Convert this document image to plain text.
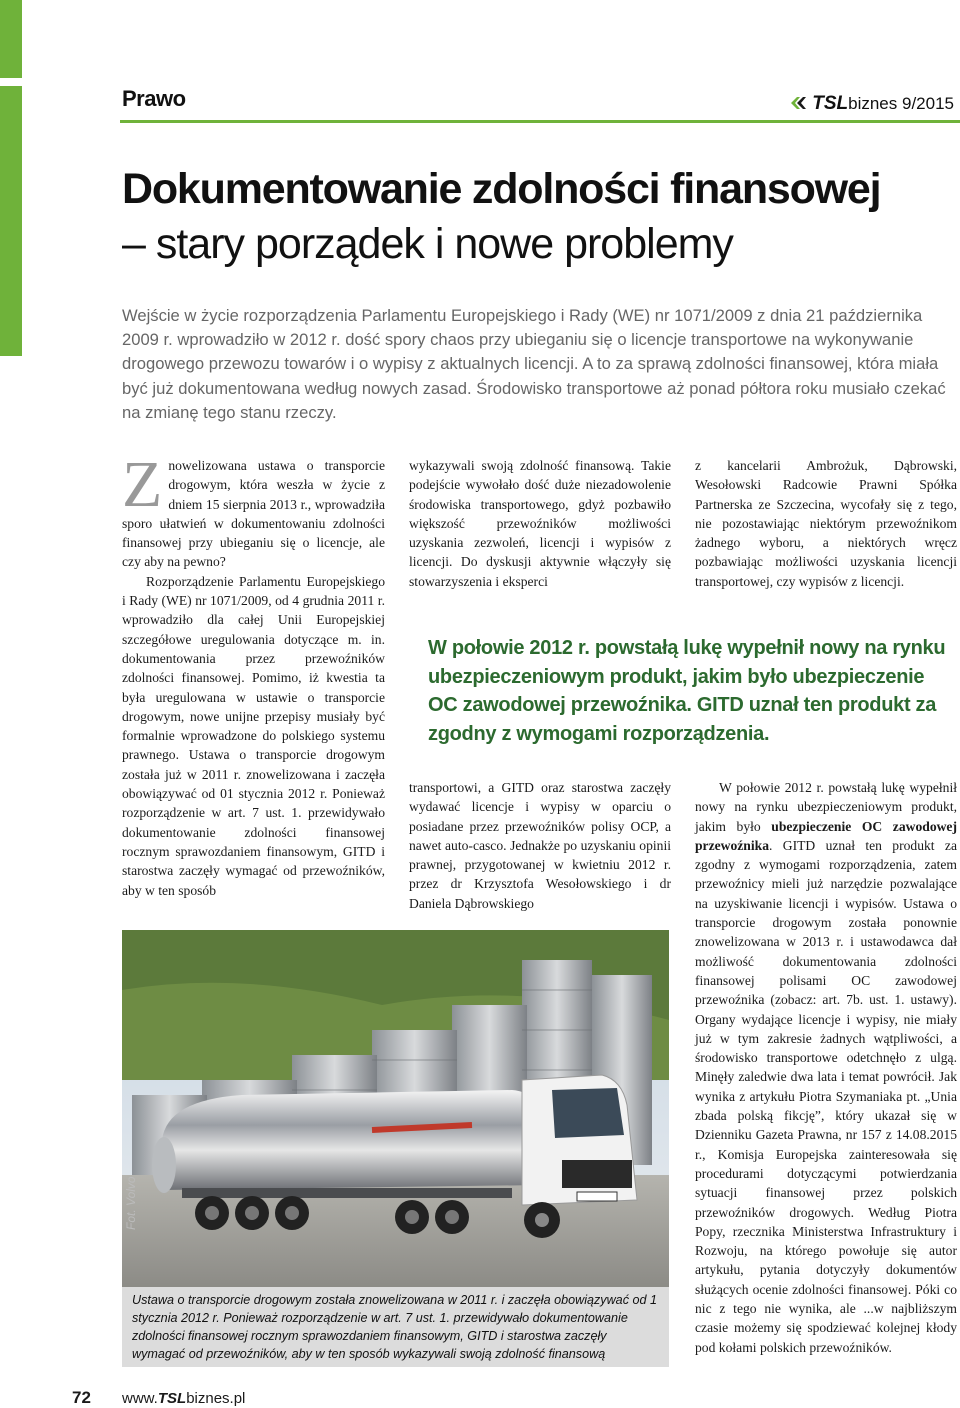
Prawo	TSLbiznes 9/2015
Dokumentowanie zdolności finansowej
– stary porządek i nowe problemy
Wejście w życie rozporządzenia Parlamentu Europejskiego i Rady (WE) nr 1071/2009 z dnia 21 października 2009 r. wprowadziło w 2012 r. dość spory chaos przy ubieganiu się o licencje transportowe na wykonywanie drogowego przewozu towarów i o wypisy z aktualnych licencji. A to za sprawą zdolności finansowej, która miała być już dokumentowana według nowych zasad. Środowisko transportowe aż ponad półtora roku musiało czekać na zmianę tego stanu rzeczy.
Z nowelizowana ustawa o transporcie drogowym, która weszła w życie z dniem 15 sierpnia 2013 r., wprowadziła sporo ułatwień w dokumentowaniu zdolności finansowej przy ubieganiu się o licencje, ale czy aby na pewno?

Rozporządzenie Parlamentu Europejskiego i Rady (WE) nr 1071/2009, od 4 grudnia 2011 r. wprowadziło dla całej Unii Europejskiej szczegółowe uregulowania dotyczące m. in. dokumentowania przez przewoźników zdolności finansowej. Pomimo, iż kwestia ta była uregulowana w ustawie o transporcie drogowym, nowe unijne przepisy musiały być formalnie wprowadzone do polskiego systemu prawnego. Ustawa o transporcie drogowym została już w 2011 r. znowelizowana i zaczęła obowiązywać od 01 stycznia 2012 r. Ponieważ rozporządzenie w art. 7 ust. 1. przewidywało dokumentowanie zdolności finansowej rocznym sprawozdaniem finansowym, GITD i starostwa zaczęły wymagać od przewoźników, aby w ten sposób

wykazywali swoją zdolność finansową. Takie podejście wywołało dość duże niezadowolenie środowiska transportowego, gdyż pozbawiło większość przewoźników możliwości uzyskania zezwoleń, licencji i wypisów z licencji. Do dyskusji aktywnie włączyły się stowarzyszenia i eksperci

z kancelarii Ambrożuk, Dąbrowski, Wesołowski Radcowie Prawni Spółka Partnerska ze Szczecina, wycofały się z tego, nie pozostawiając niektórym przewoźnikom żadnego wyboru, a niektórych wręcz pozbawiając możliwości uzyskania licencji transportowej, czy wypisów z licencji.

W połowie 2012 r. powstałą lukę wypełnił nowy na rynku ubezpieczeniowym produkt, jakim było ubezpieczenie OC zawodowej przewoźnika. GITD uznał ten produkt za zgodny z wymogami rozporządzenia.

transportowi, a GITD oraz starostwa zaczęły wydawać licencje i wypisy w oparciu o posiadane przez przewoźników polisy OCP, a nawet auto-casco. Jednakże po uzyskaniu opinii prawnej, przygotowanej w kwietniu 2012 r. przez dr Krzysztofa Wesołowskiego i dr Daniela Dąbrowskiego

W połowie 2012 r. powstałą lukę wypełnił nowy na rynku ubezpieczeniowym produkt, jakim było ubezpieczenie OC zawodowej przewoźnika. GITD uznał ten produkt za zgodny z wymogami rozporządzenia, zatem przewoźnicy mieli już narzędzie pozwalające na uzyskiwanie licencji i wypisów. Ustawa o transporcie drogowym została ponownie znowelizowana w 2013 r. i ustawodawca dał możliwość dokumentowania zdolności finansowej polisami OC zawodowej przewoźnika (zobacz: art. 7b. ust. 1. ustawy). Organy wydające licencje i wypisy, nie miały już w tym zakresie żadnych wątpliwości, a środowisko transportowe odetchnęło z ulgą. Minęły zaledwie dwa lata i temat powrócił. Jak wynika z artykułu Piotra Szymaniaka pt. „Unia zbada polską fikcję”, który ukazał się w Dzienniku Gazeta Prawna, nr 157 z 14.08.2015 r., Komisja Europejska zainteresowała się procedurami dotyczącymi potwierdzania sytuacji finansowej przez polskich przewoźników drogowych. Według Piotra Popy, rzecznika Ministerstwa Infrastruktury i Rozwoju, na którego powołuje się autor artykułu, pytania dotyczyły dokumentów służących ocenie zdolności finansowej. Póki co nic z tego nie wynika, ale ...w najbliższym czasie możemy się spodziewać kolejnej kłody pod kołami polskich przewoźników.

Fot. Volvo
Ustawa o transporcie drogowym została znowelizowana w 2011 r. i zaczęła obowiązywać od 1 stycznia 2012 r. Ponieważ rozporządzenie w art. 7 ust. 1. przewidywało dokumentowanie zdolności finansowej rocznym sprawozdaniem finansowym, GITD i starostwa zaczęły wymagać od przewoźników, aby w ten sposób wykazywali swoją zdolność finansową
72 www.TSLbiznes.pl
